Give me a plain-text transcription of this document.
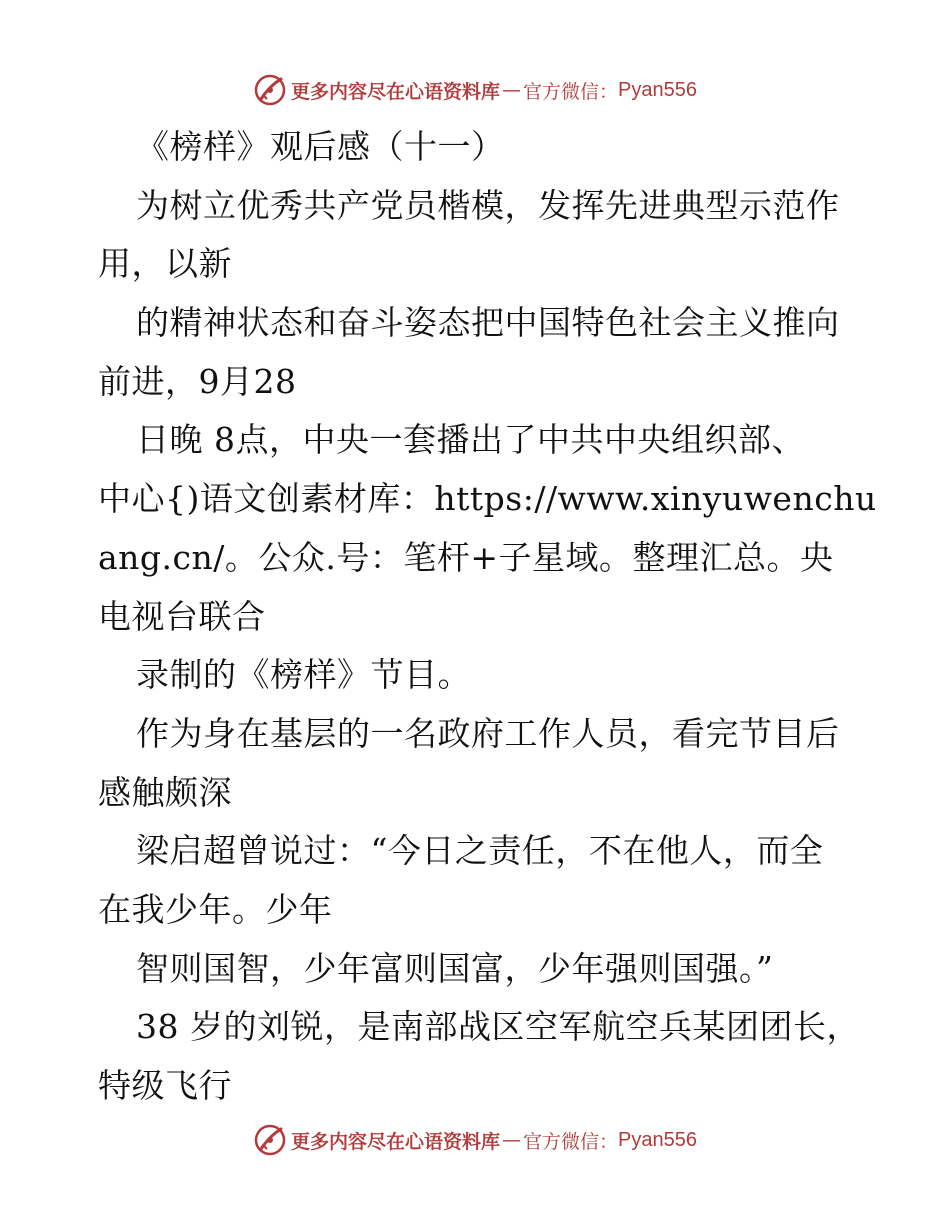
更多内容尽在心语资料库 — 官方微信： Pyan556
《榜样》观后感（十一）
为树立优秀共产党员楷模，发挥先进典型示范作
用，以新
的精神状态和奋斗姿态把中国特色社会主义推向
前进，9月28
日晚 8点，中央一套播出了中共中央组织部、
中心{)语文创素材库：https://www.xinyuwenchu
ang.cn/。公众.号：笔杆+子星域。整理汇总。央
电视台联合
录制的《榜样》节目。
作为身在基层的一名政府工作人员，看完节目后
感触颇深
梁启超曾说过：“今日之责任，不在他人，而全
在我少年。少年
智则国智，少年富则国富，少年强则国强。”
38 岁的刘锐，是南部战区空军航空兵某团团长，
特级飞行
更多内容尽在心语资料库 — 官方微信： Pyan556
